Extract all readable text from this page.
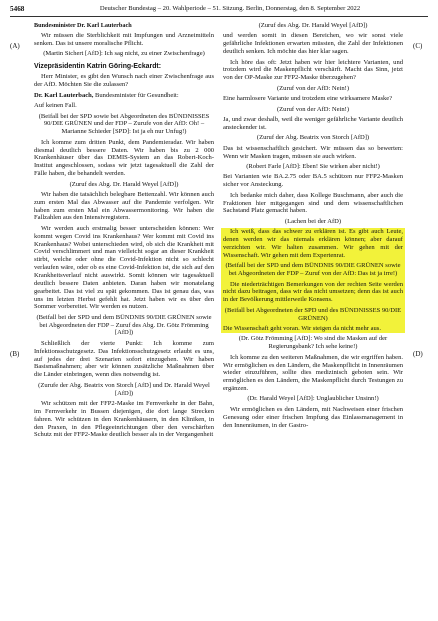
5468	Deutscher Bundestag – 20. Wahlperiode – 51. Sitzung. Berlin, Donnerstag, den 8. September 2022
(A)
(B)
(C)
(D)

Bundesminister Dr. Karl Lauterbach

Wir müssen die Sterblichkeit mit Impfungen und Arzneimitteln senken. Das ist unsere moralische Pflicht.

(Martin Sichert [AfD]: Ich sag nicht, zu einer Zwischenfrage)

Vizepräsidentin Katrin Göring-Eckardt:

Herr Minister, es gibt den Wunsch nach einer Zwischenfrage aus der AfD. Möchten Sie die zulassen?

Dr. Karl Lauterbach, Bundesminister für Gesundheit:

Auf keinen Fall.

(Beifall bei der SPD sowie bei Abgeordneten des BÜNDNISSES 90/DIE GRÜNEN und der FDP – Zurufe von der AfD: Oh! – Marianne Schieder [SPD]: Ist ja eh nur Unfug!)

Ich komme zum dritten Punkt, dem Pandemieradar. Wir haben diesmal deutlich bessere Daten. Wir haben bis zu 2 000 Krankenhäuser über das DEMIS-System an das Robert-Koch-Institut angeschlossen, sodass wir jetzt tagesaktuell die Zahl der Fälle haben, die behandelt werden.

(Zuruf des Abg. Dr. Harald Weyel [AfD])

Wir haben die tatsächlich belegbare Bettenzahl. Wir können auch zum ersten Mal das Abwasser auf die Pandemie verfolgen. Wir haben zum ersten Mal ein Abwassermonitoring. Wir haben die Fallzahlen aus den Intensivregistern.

Wir werden auch erstmalig besser unterscheiden können: Wer kommt wegen Covid ins Krankenhaus? Wer kommt mit Covid ins Krankenhaus? Wobei unterschieden wird, ob sich die Krankheit mit Covid verschlimmert und man vielleicht sogar an dieser Krankheit stirbt, welche oder ohne die Covid-Infektion nicht so schlecht verlaufen wäre, oder ob es eine Covid-Infektion ist, die sich auf den Krankheitsverlauf nicht auswirkt. Somit können wir tagesaktuell deutlich bessere Daten anbieten. Daran haben wir monatelang gearbeitet. Das ist viel zu spät gekommen. Das ist genau das, was uns im letzten Herbst gefehlt hat. Jetzt haben wir es über den Sommer vorbereitet. Wir werden es nutzen.

(Beifall bei der SPD und dem BÜNDNIS 90/DIE GRÜNEN sowie bei Abgeordneten der FDP – Zuruf des Abg. Dr. Götz Frömming [AfD])

Schließlich der vierte Punkt: Ich komme zum Infektionsschutzgesetz. Das Infektionsschutzgesetz erlaubt es uns, auf jedes der drei Szenarien sofort einzugehen. Wir haben Basismaßnahmen; aber wir können zusätzliche Maßnahmen über die Länder einbringen, wenn dies notwendig ist.

(Zurufe der Abg. Beatrix von Storch [AfD] und Dr. Harald Weyel [AfD])

Wir schützen mit der FFP2-Maske im Fernverkehr in der Bahn, im Fernverkehr in Bussen diejenigen, die dort lange Strecken fahren. Wir schützen in den Krankenhäusern, in den Kliniken, in den Praxen, in den Pflegeeinrichtungen über den verschärften Schutz mit der FFP2-Maske deutlich besser als in der Vergangenheit

(Zuruf des Abg. Dr. Harald Weyel [AfD])

und werden somit in diesen Bereichen, wo wir sonst viele gefährliche Infektionen erwarten müssten, die Zahl der Infektionen deutlich senken. Ich möchte das hier klar sagen.

Ich höre das oft: Jetzt haben wir hier leichtere Varianten, und trotzdem wird die Maskenpflicht verschärft. Macht das Sinn, jetzt von der OP-Maske zur FFP2-Maske überzugehen?

(Zuruf von der AfD: Nein!)

Eine harmlosere Variante und trotzdem eine wirksamere Maske?

(Zuruf von der AfD: Nein!)

Ja, und zwar deshalb, weil die weniger gefährliche Variante deutlich ansteckender ist.

(Zuruf der Abg. Beatrix von Storch [AfD])

Das ist wissenschaftlich gesichert. Wir müssen das so bewerten: Wenn wir Masken tragen, müssen sie auch wirken.

(Robert Farle [AfD]: Eben! Sie wirken aber nicht!)

Bei Varianten wie BA.2.75 oder BA.5 schützen nur FFP2-Masken sicher vor Ansteckung.

Ich bedanke mich daher, dass Kollege Buschmann, aber auch die Fraktionen hier mitgegangen sind und dem wissenschaftlichen Sachstand Platz gemacht haben.

(Lachen bei der AfD)

Ich weiß, dass das schwer zu erklären ist. Es gibt auch Leute, denen werden wir das niemals erklären können; aber darauf verzichten wir. Wir halten zusammen. Wir gehen mit der Wissenschaft. Wir gehen mit dem Expertenrat.

(Beifall bei der SPD und dem BÜNDNIS 90/DIE GRÜNEN sowie bei Abgeordneten der FDP – Zuruf von der AfD: Das ist ja irre!)

Die niederträchtigen Bemerkungen von der rechten Seite werden nicht dazu beitragen, dass wir das nicht umsetzen; denn das ist auch in der Bevölkerung mittlerweile Konsens.

(Beifall bei Abgeordneten der SPD und des BÜNDNISSES 90/DIE GRÜNEN)

Die Wissenschaft geht voran. Wir steigen da nicht mehr aus.

(Dr. Götz Frömming [AfD]: Wo sind die Masken auf der Regierungsbank? Ich sehe keine!)

Ich komme zu den weiteren Maßnahmen, die wir ergriffen haben. Wir ermöglichen es den Ländern, die Maskenpflicht in Innenräumen wieder einzuführen, sollte dies medizinisch geboten sein. Wir ermöglichen es den Ländern, die Maskenpflicht durch Testungen zu ergänzen.

(Dr. Harald Weyel [AfD]: Unglaublicher Unsinn!)

Wir ermöglichen es den Ländern, mit Nachweisen einer frischen Genesung oder einer frischen Impfung das Einlassmanagement in den Innenräumen, in der Gastro-
